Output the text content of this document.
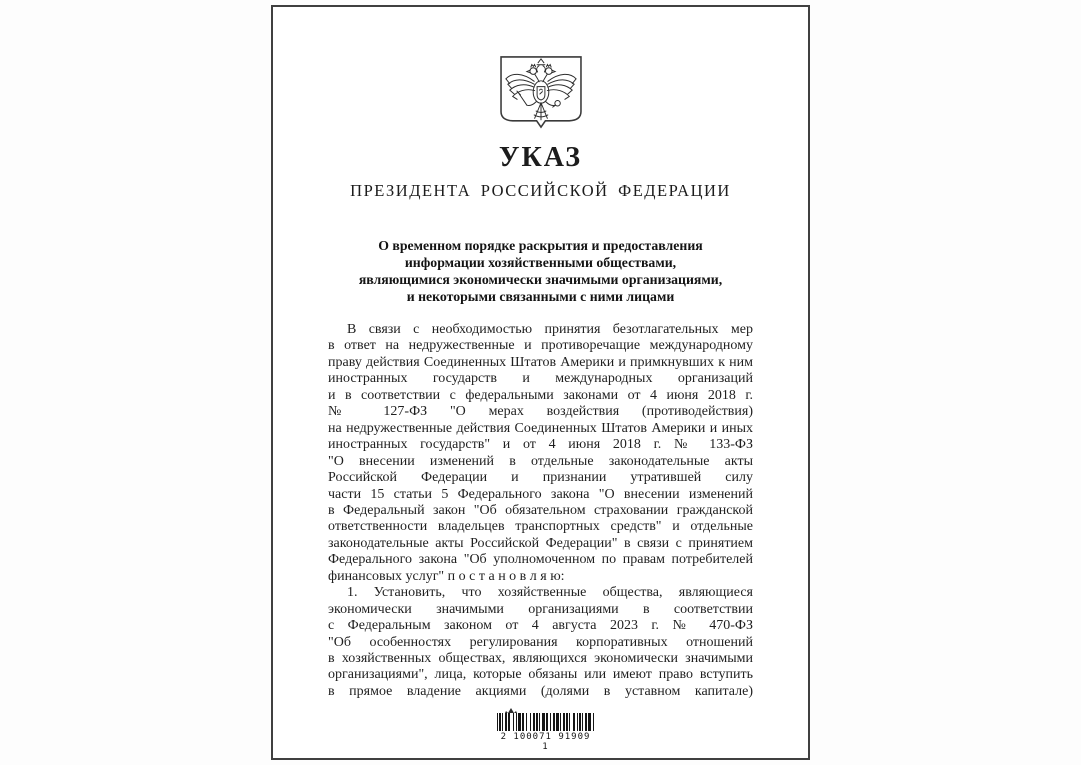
УКАЗ
ПРЕЗИДЕНТА РОССИЙСКОЙ ФЕДЕРАЦИИ
О временном порядке раскрытия и предоставления
информации хозяйственными обществами,
являющимися экономически значимыми организациями,
и некоторыми связанными с ними лицами
В связи с необходимостью принятия безотлагательных мер
в ответ на недружественные и противоречащие международному
праву действия Соединенных Штатов Америки и примкнувших к ним
иностранных государств и международных организаций
и в соответствии с федеральными законами от 4 июня 2018 г.
№ 127-ФЗ "О мерах воздействия (противодействия)
на недружественные действия Соединенных Штатов Америки и иных
иностранных государств" и от 4 июня 2018 г. № 133-ФЗ
"О внесении изменений в отдельные законодательные акты
Российской Федерации и признании утратившей силу
части 15 статьи 5 Федерального закона "О внесении изменений
в Федеральный закон "Об обязательном страховании гражданской
ответственности владельцев транспортных средств" и отдельные
законодательные акты Российской Федерации" в связи с принятием
Федерального закона "Об уполномоченном по правам потребителей
финансовых услуг" п о с т а н о в л я ю:
1. Установить, что хозяйственные общества, являющиеся
экономически значимыми организациями в соответствии
с Федеральным законом от 4 августа 2023 г. № 470-ФЗ
"Об особенностях регулирования корпоративных отношений
в хозяйственных обществах, являющихся экономически значимыми
организациями", лица, которые обязаны или имеют право вступить
в прямое владение акциями (долями в уставном капитале)
2 100071 91909 1
